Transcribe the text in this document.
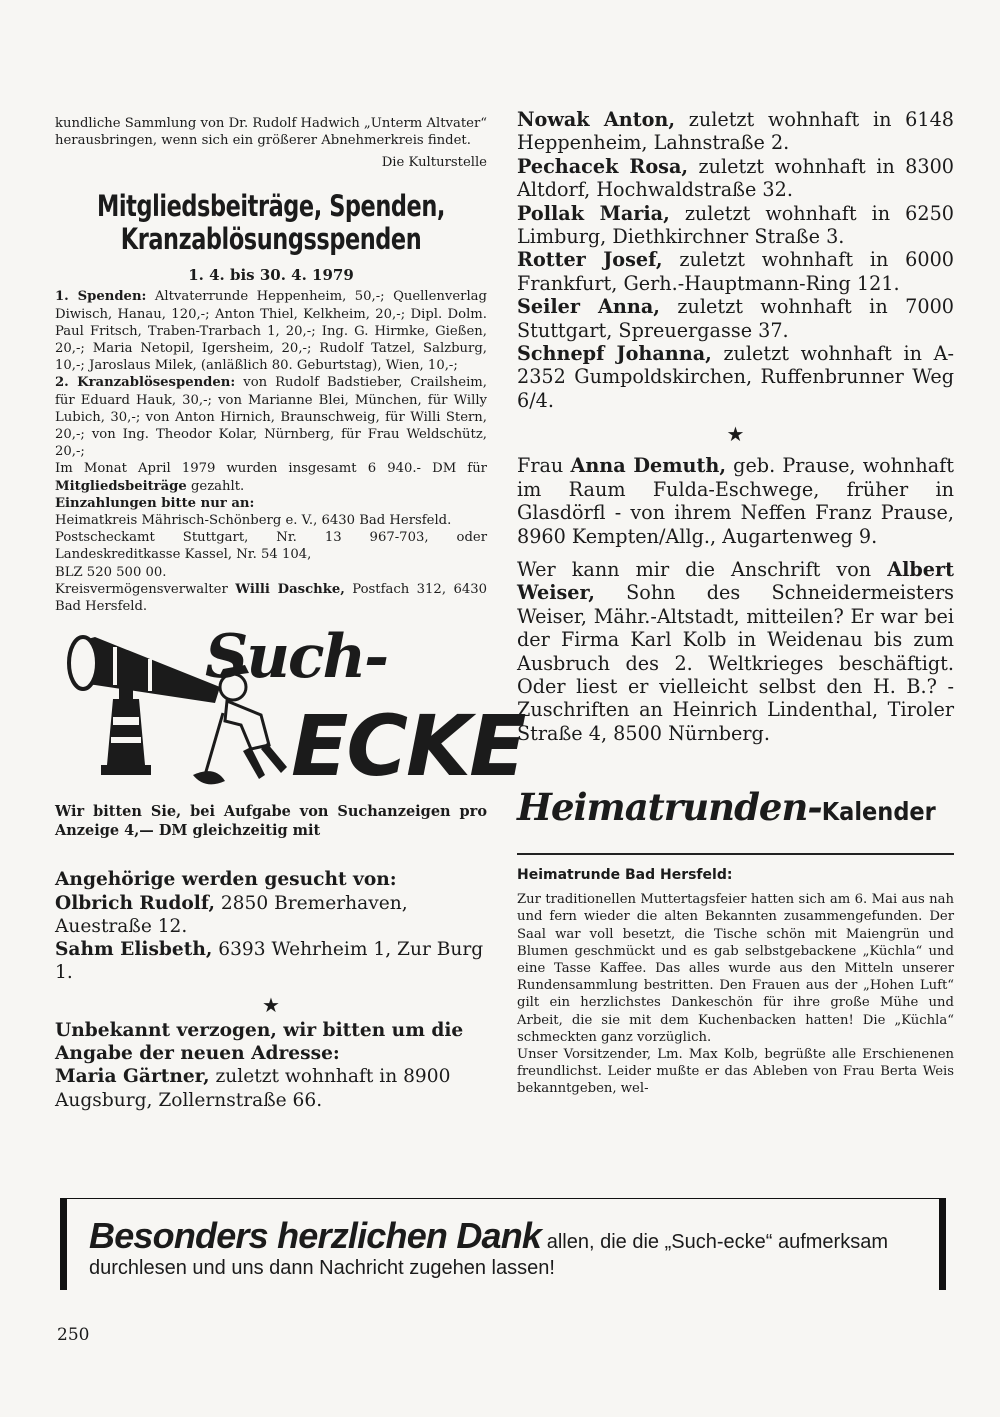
kundliche Sammlung von Dr. Rudolf Hadwich „Unterm Altvater“ herausbringen, wenn sich ein größerer Abnehmerkreis findet.

Die Kulturstelle

Mitgliedsbeiträge, Spenden,
Kranzablösungsspenden

1. 4. bis 30. 4. 1979

1. Spenden: Altvaterrunde Heppenheim, 50,-; Quellenverlag Diwisch, Hanau, 120,-; Anton Thiel, Kelkheim, 20,-; Dipl. Dolm. Paul Fritsch, Traben-Trarbach 1, 20,-; Ing. G. Hirmke, Gießen, 20,-; Maria Netopil, Igersheim, 20,-; Rudolf Tatzel, Salzburg, 10,-; Jaroslaus Milek, (anläßlich 80. Geburtstag), Wien, 10,-;

2. Kranzablösespenden: von Rudolf Badstieber, Crailsheim, für Eduard Hauk, 30,-; von Marianne Blei, München, für Willy Lubich, 30,-; von Anton Hirnich, Braunschweig, für Willi Stern, 20,-; von Ing. Theodor Kolar, Nürnberg, für Frau Weldschütz, 20,-;

Im Monat April 1979 wurden insgesamt 6 940.- DM für Mitgliedsbeiträge gezahlt.

Einzahlungen bitte nur an:

Heimatkreis Mährisch-Schönberg e. V., 6430 Bad Hersfeld.

Postscheckamt Stuttgart, Nr. 13 967-703, oder Landeskreditkasse Kassel, Nr. 54 104,

BLZ 520 500 00.

Kreisvermögensverwalter Willi Daschke, Postfach 312, 6430 Bad Hersfeld.

Such-
ECKE

Wir bitten Sie, bei Aufgabe von Suchanzeigen pro Anzeige 4,— DM gleichzeitig mit

Angehörige werden gesucht von:

Olbrich Rudolf, 2850 Bremerhaven, Auestraße 12.

Sahm Elisbeth, 6393 Wehrheim 1, Zur Burg 1.

★

Unbekannt verzogen, wir bitten um die Angabe der neuen Adresse:

Maria Gärtner, zuletzt wohnhaft in 8900 Augsburg, Zollernstraße 66.

Nowak Anton, zuletzt wohnhaft in 6148 Heppenheim, Lahnstraße 2.

Pechacek Rosa, zuletzt wohnhaft in 8300 Altdorf, Hochwaldstraße 32.

Pollak Maria, zuletzt wohnhaft in 6250 Limburg, Diethkirchner Straße 3.

Rotter Josef, zuletzt wohnhaft in 6000 Frankfurt, Gerh.-Hauptmann-Ring 121.

Seiler Anna, zuletzt wohnhaft in 7000 Stuttgart, Spreuergasse 37.

Schnepf Johanna, zuletzt wohnhaft in A-2352 Gumpoldskirchen, Ruffenbrunner Weg 6/4.

★

Frau Anna Demuth, geb. Prause, wohnhaft im Raum Fulda-Eschwege, früher in Glasdörfl - von ihrem Neffen Franz Prause, 8960 Kempten/Allg., Augartenweg 9.

Wer kann mir die Anschrift von Albert Weiser, Sohn des Schneidermeisters Weiser, Mähr.-Altstadt, mitteilen? Er war bei der Firma Karl Kolb in Weidenau bis zum Ausbruch des 2. Weltkrieges beschäftigt. Oder liest er vielleicht selbst den H. B.? - Zuschriften an Heinrich Lindenthal, Tiroler Straße 4, 8500 Nürnberg.

Heimatrunden-Kalender

Heimatrunde Bad Hersfeld:

Zur traditionellen Muttertagsfeier hatten sich am 6. Mai aus nah und fern wieder die alten Bekannten zusammengefunden. Der Saal war voll besetzt, die Tische schön mit Maiengrün und Blumen geschmückt und es gab selbstgebackene „Küchla“ und eine Tasse Kaffee. Das alles wurde aus den Mitteln unserer Rundensammlung bestritten. Den Frauen aus der „Hohen Luft“ gilt ein herzlichstes Dankeschön für ihre große Mühe und Arbeit, die sie mit dem Kuchenbacken hatten! Die „Küchla“ schmeckten ganz vorzüglich.

Unser Vorsitzender, Lm. Max Kolb, begrüßte alle Erschienenen freundlichst. Leider mußte er das Ableben von Frau Berta Weis bekanntgeben, wel-

Besonders herzlichen Dank allen, die die „Such-ecke“ aufmerksam durchlesen und uns dann Nachricht zugehen lassen!
250
